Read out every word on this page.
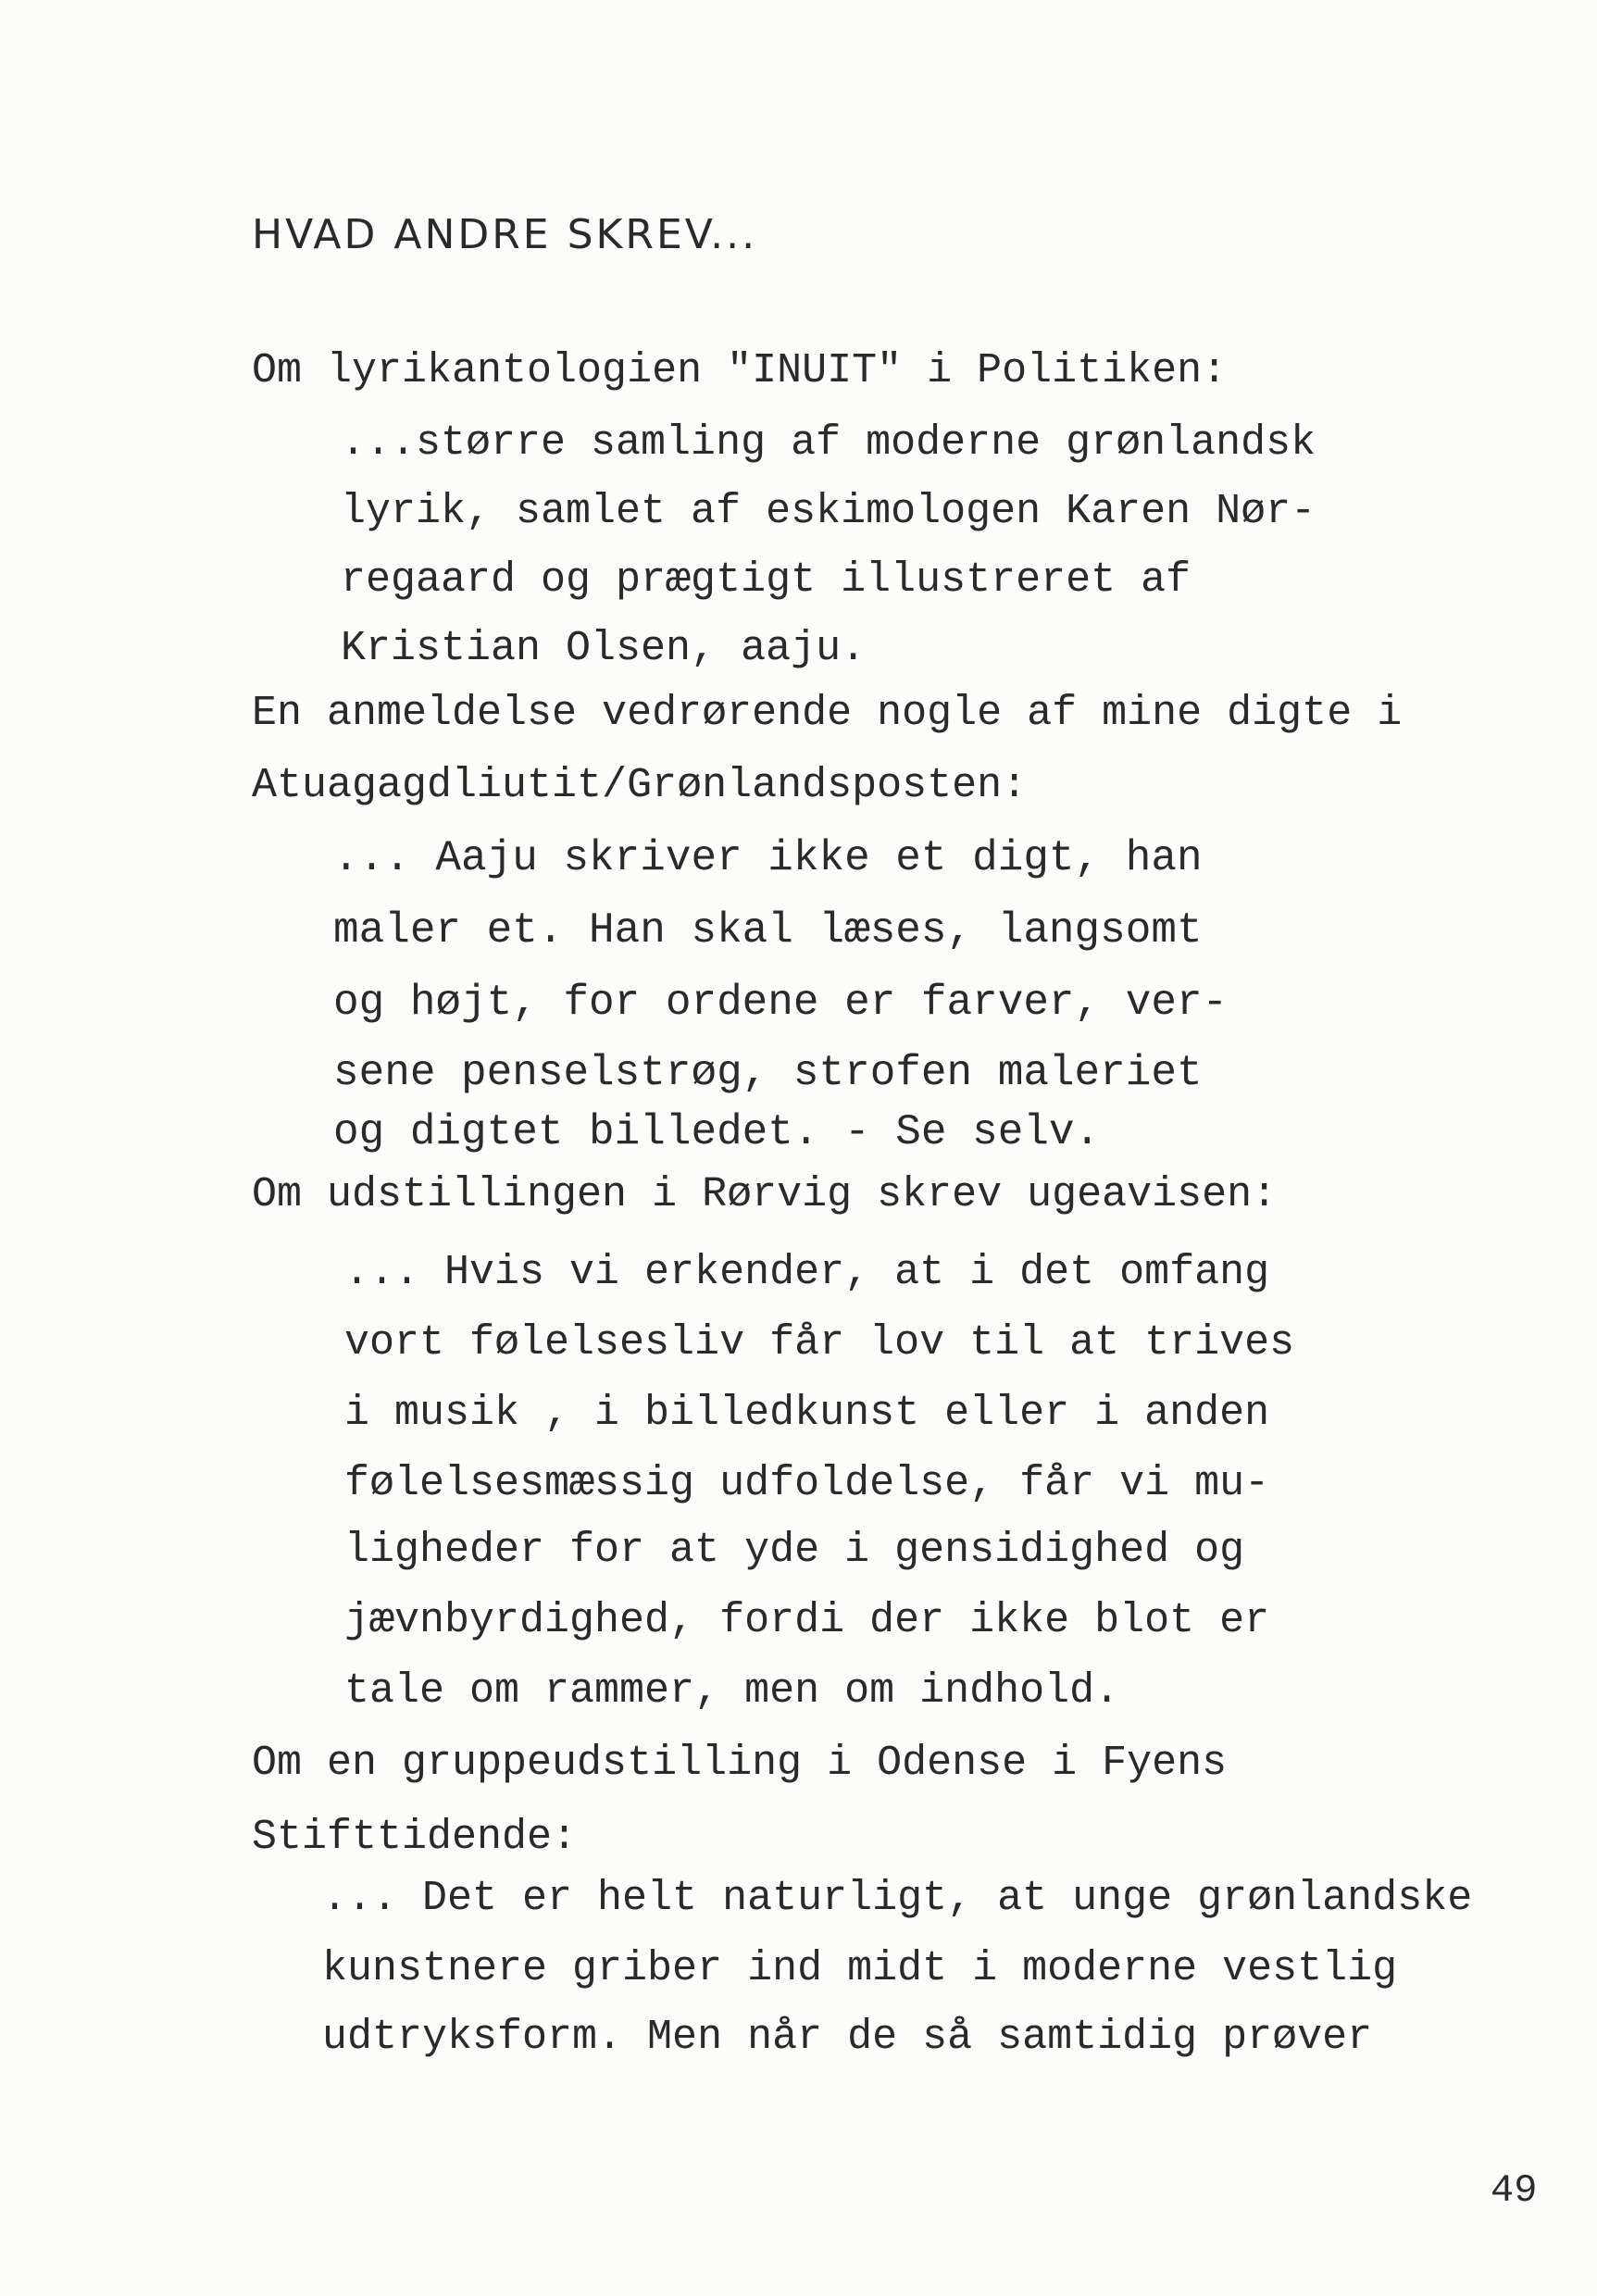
HVAD ANDRE SKREV...
Om lyrikantologien "INUIT" i Politiken:
...større samling af moderne grønlandsk
lyrik, samlet af eskimologen Karen Nør-
regaard og prægtigt illustreret af
Kristian Olsen, aaju.
En anmeldelse vedrørende nogle af mine digte i
Atuagagdliutit/Grønlandsposten:
... Aaju skriver ikke et digt, han
maler et. Han skal læses, langsomt
og højt, for ordene er farver, ver-
sene penselstrøg, strofen maleriet
og digtet billedet. - Se selv.
Om udstillingen i Rørvig skrev ugeavisen:
... Hvis vi erkender, at i det omfang
vort følelsesliv får lov til at trives
i musik , i billedkunst eller i anden
følelsesmæssig udfoldelse, får vi mu-
ligheder for at yde i gensidighed og
jævnbyrdighed, fordi der ikke blot er
tale om rammer, men om indhold.
Om en gruppeudstilling i Odense i Fyens
Stifttidende:
... Det er helt naturligt, at unge grønlandske
kunstnere griber ind midt i moderne vestlig
udtryksform. Men når de så samtidig prøver
49
